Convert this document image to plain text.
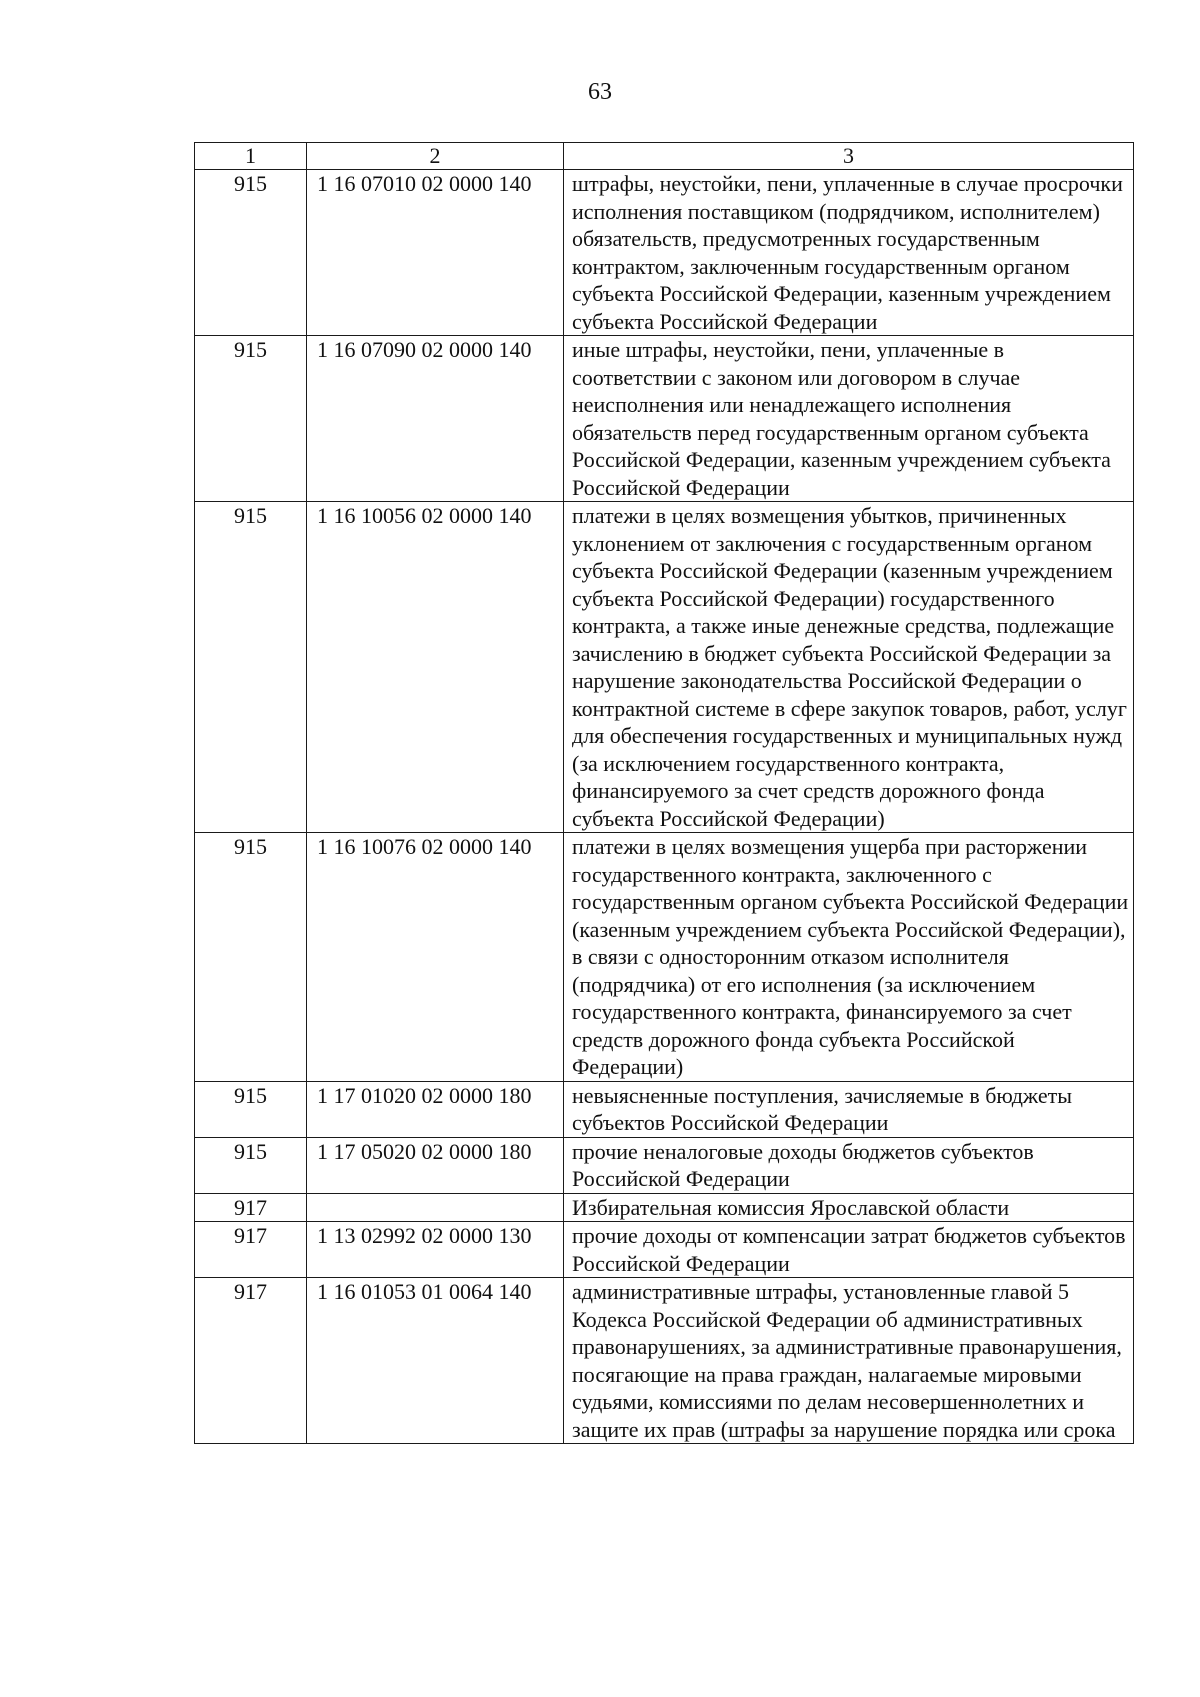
63
1	2	3
915	1 16 07010 02 0000 140	штрафы, неустойки, пени, уплаченные в случае просрочки исполнения поставщиком (подрядчиком, исполнителем) обязательств, предусмотренных государственным контрактом, заключенным государственным органом субъекта Российской Федерации, казенным учреждением субъекта Российской Федерации
915	1 16 07090 02 0000 140	иные штрафы, неустойки, пени, уплаченные в соответствии с законом или договором в случае неисполнения или ненадлежащего исполнения обязательств перед государственным органом субъекта Российской Федерации, казенным учреждением субъекта Российской Федерации
915	1 16 10056 02 0000 140	платежи в целях возмещения убытков, причиненных уклонением от заключения с государственным органом субъекта Российской Федерации (казенным учреждением субъекта Российской Федерации) государственного контракта, а также иные денежные средства, подлежащие зачислению в бюджет субъекта Российской Федерации за нарушение законодательства Российской Федерации о контрактной системе в сфере закупок товаров, работ, услуг для обеспечения государственных и муниципальных нужд (за исключением государственного контракта, финансируемого за счет средств дорожного фонда субъекта Российской Федерации)
915	1 16 10076 02 0000 140	платежи в целях возмещения ущерба при расторжении государственного контракта, заключенного с государственным органом субъекта Российской Федерации (казенным учреждением субъекта Российской Федерации), в связи с односторонним отказом исполнителя (подрядчика) от его исполнения (за исключением государственного контракта, финансируемого за счет средств дорожного фонда субъекта Российской Федерации)
915	1 17 01020 02 0000 180	невыясненные поступления, зачисляемые в бюджеты субъектов Российской Федерации
915	1 17 05020 02 0000 180	прочие неналоговые доходы бюджетов субъектов Российской Федерации
917		Избирательная комиссия Ярославской области
917	1 13 02992 02 0000 130	прочие доходы от компенсации затрат бюджетов субъектов Российской Федерации
917	1 16 01053 01 0064 140	административные штрафы, установленные главой 5 Кодекса Российской Федерации об административных правонарушениях, за административные правонарушения, посягающие на права граждан, налагаемые мировыми судьями, комиссиями по делам несовершеннолетних и защите их прав (штрафы за нарушение порядка или срока
